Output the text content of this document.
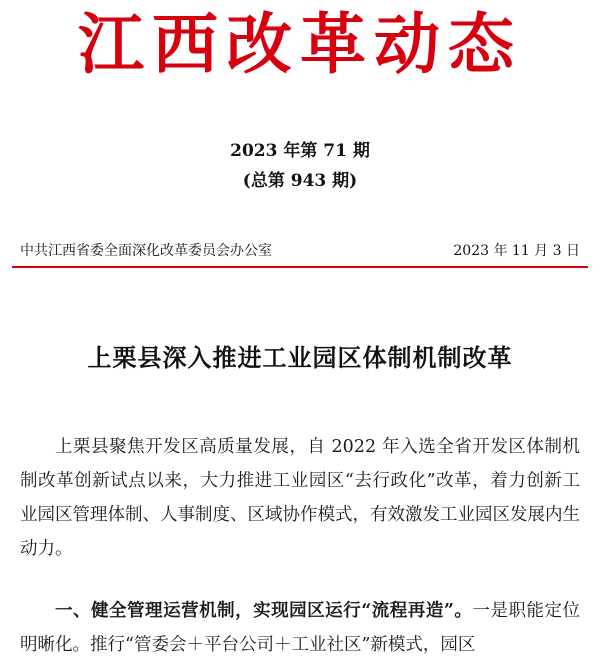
江西改革动态
2023 年第 71 期
(总第 943 期)
中共江西省委全面深化改革委员会办公室	2023 年 11 月 3 日
上栗县深入推进工业园区体制机制改革

上栗县聚焦开发区高质量发展，自 2022 年入选全省开发区体制机制改革创新试点以来，大力推进工业园区“去行政化”改革，着力创新工业园区管理体制、人事制度、区域协作模式，有效激发工业园区发展内生动力。

一、健全管理运营机制，实现园区运行“流程再造”。一是职能定位明晰化。推行“管委会＋平台公司＋工业社区”新模式，园区
